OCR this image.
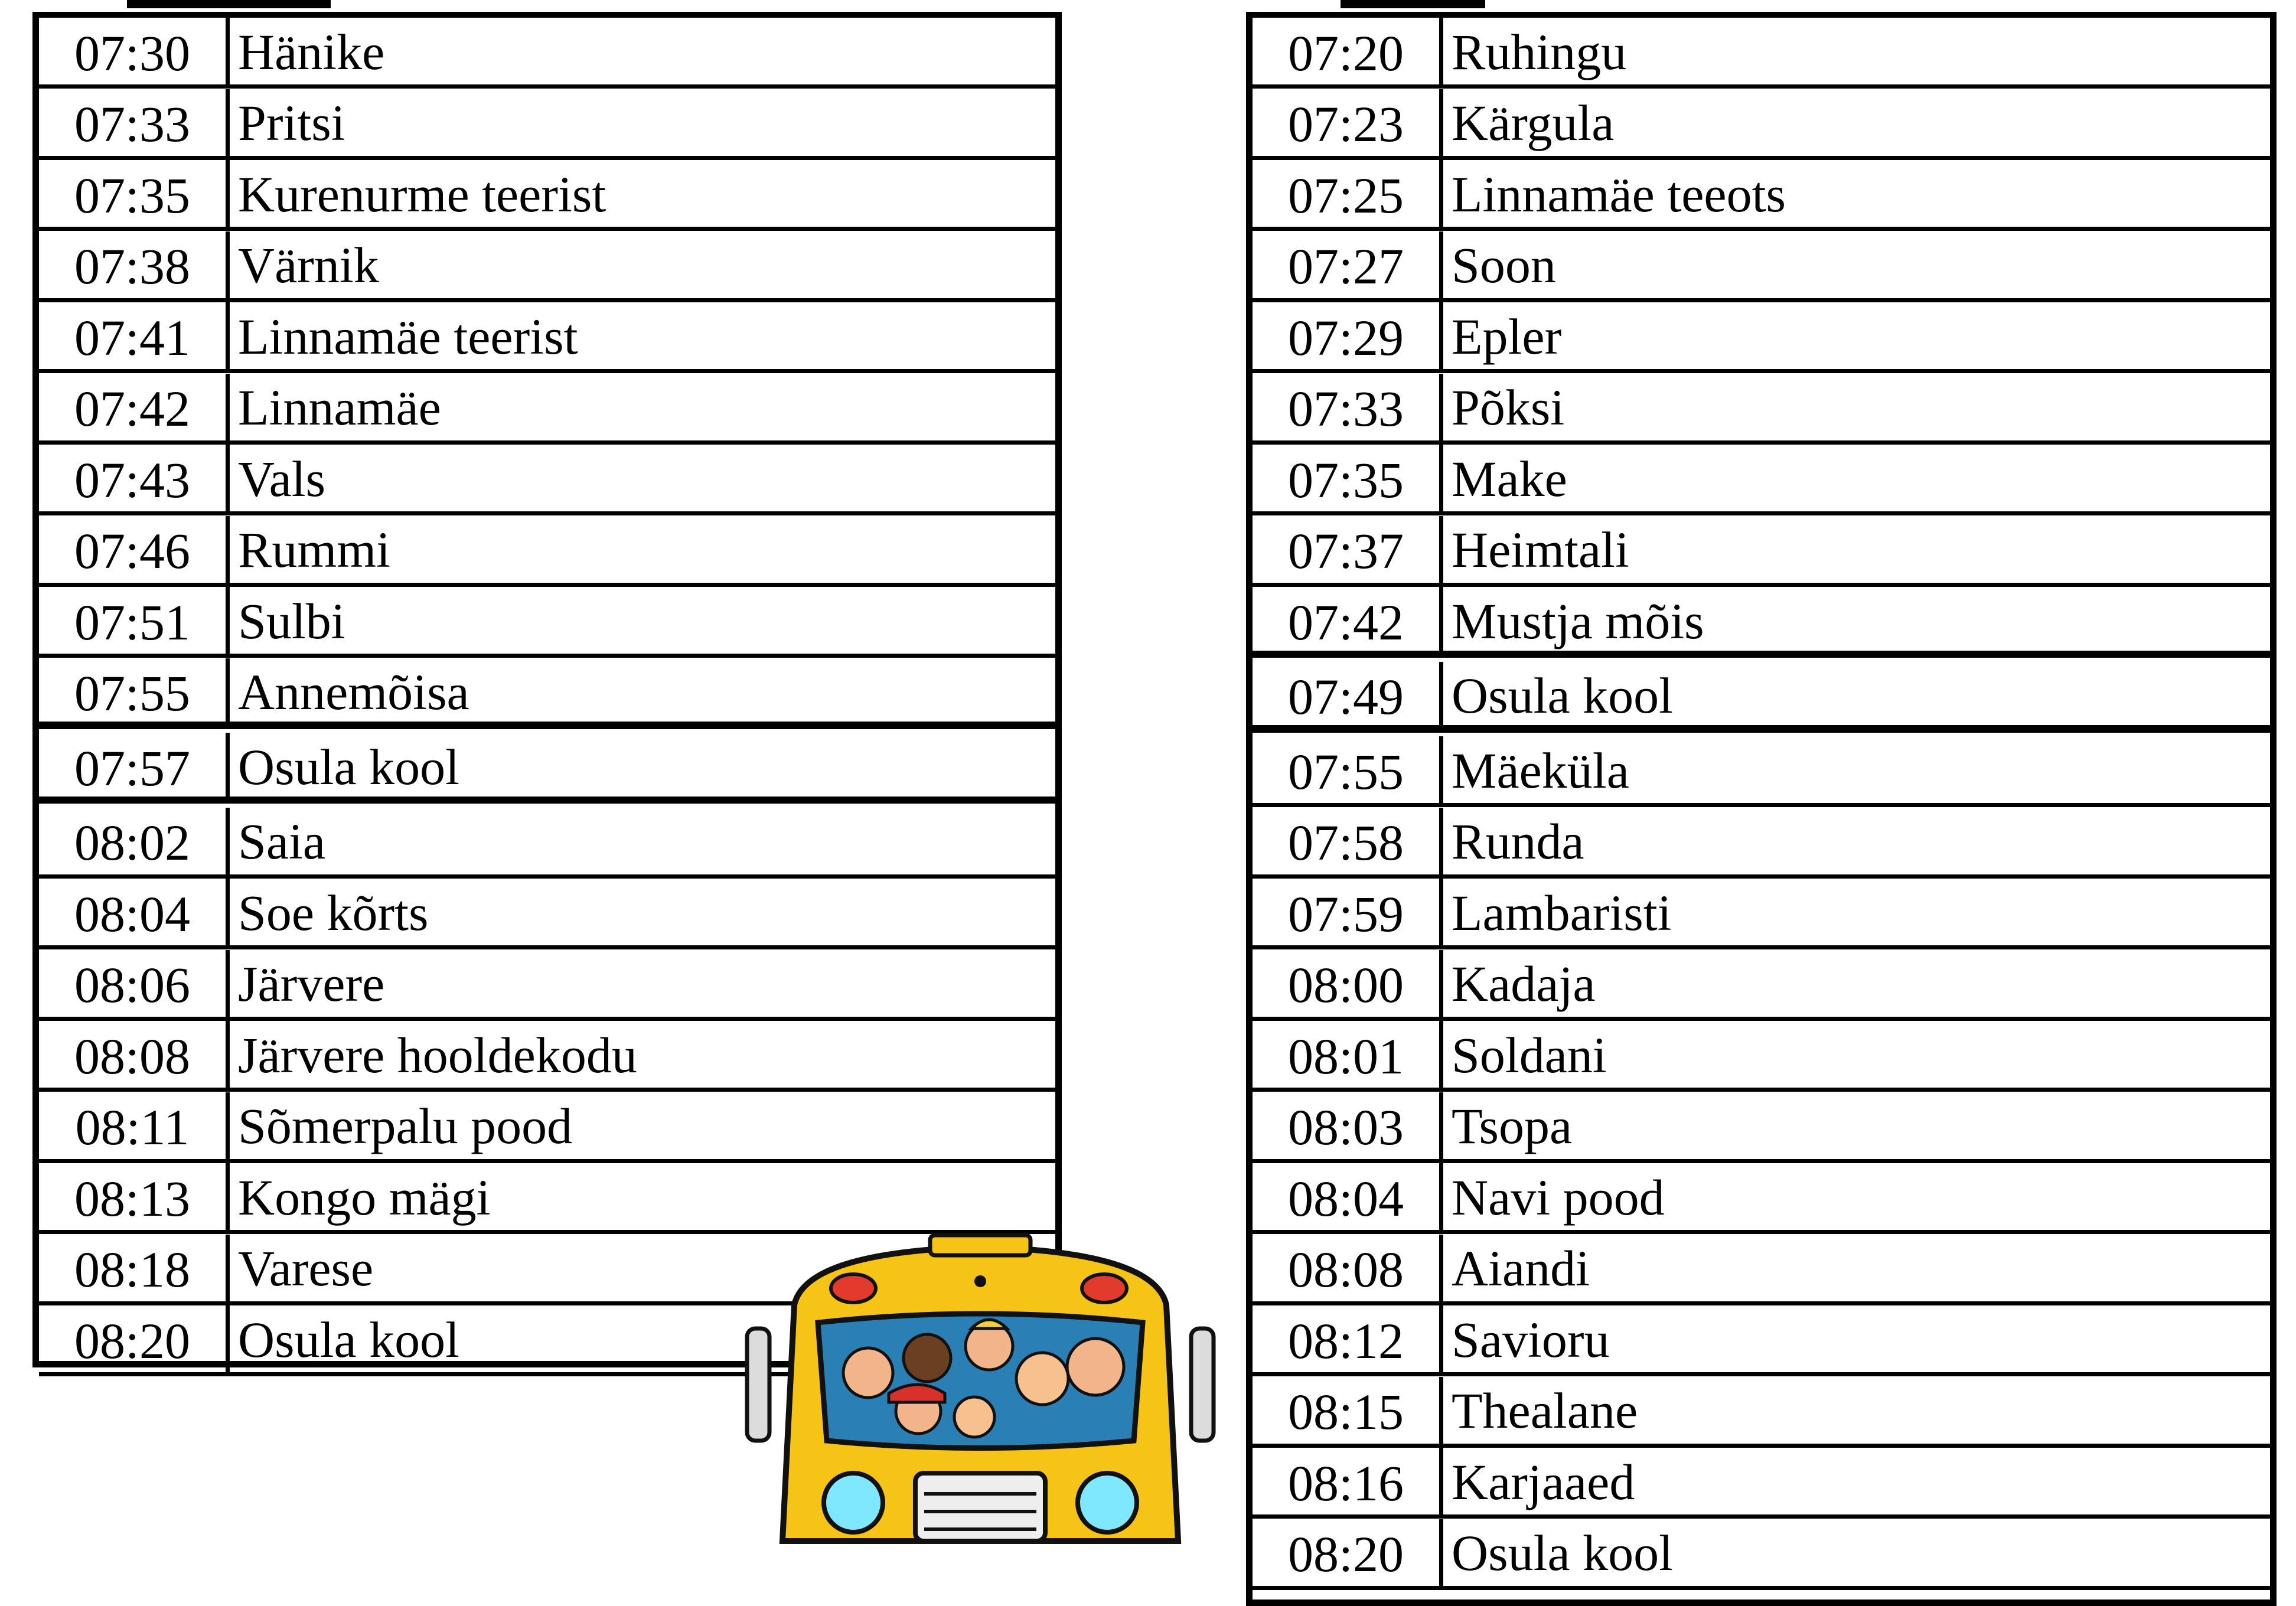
07:30 Hänike
07:33 Pritsi
07:35 Kurenurme teerist
07:38 Värnik
07:41 Linnamäe teerist
07:42 Linnamäe
07:43 Vals
07:46 Rummi
07:51 Sulbi
07:55 Annemõisa
07:57 Osula kool
08:02 Saia
08:04 Soe kõrts
08:06 Järvere
08:08 Järvere hooldekodu
08:11 Sõmerpalu pood
08:13 Kongo mägi
08:18 Varese
08:20 Osula kool
07:20 Ruhingu
07:23 Kärgula
07:25 Linnamäe teeots
07:27 Soon
07:29 Epler
07:33 Põksi
07:35 Make
07:37 Heimtali
07:42 Mustja mõis
07:49 Osula kool
07:55 Mäeküla
07:58 Runda
07:59 Lambaristi
08:00 Kadaja
08:01 Soldani
08:03 Tsopa
08:04 Navi pood
08:08 Aiandi
08:12 Savioru
08:15 Thealane
08:16 Karjaaed
08:20 Osula kool
